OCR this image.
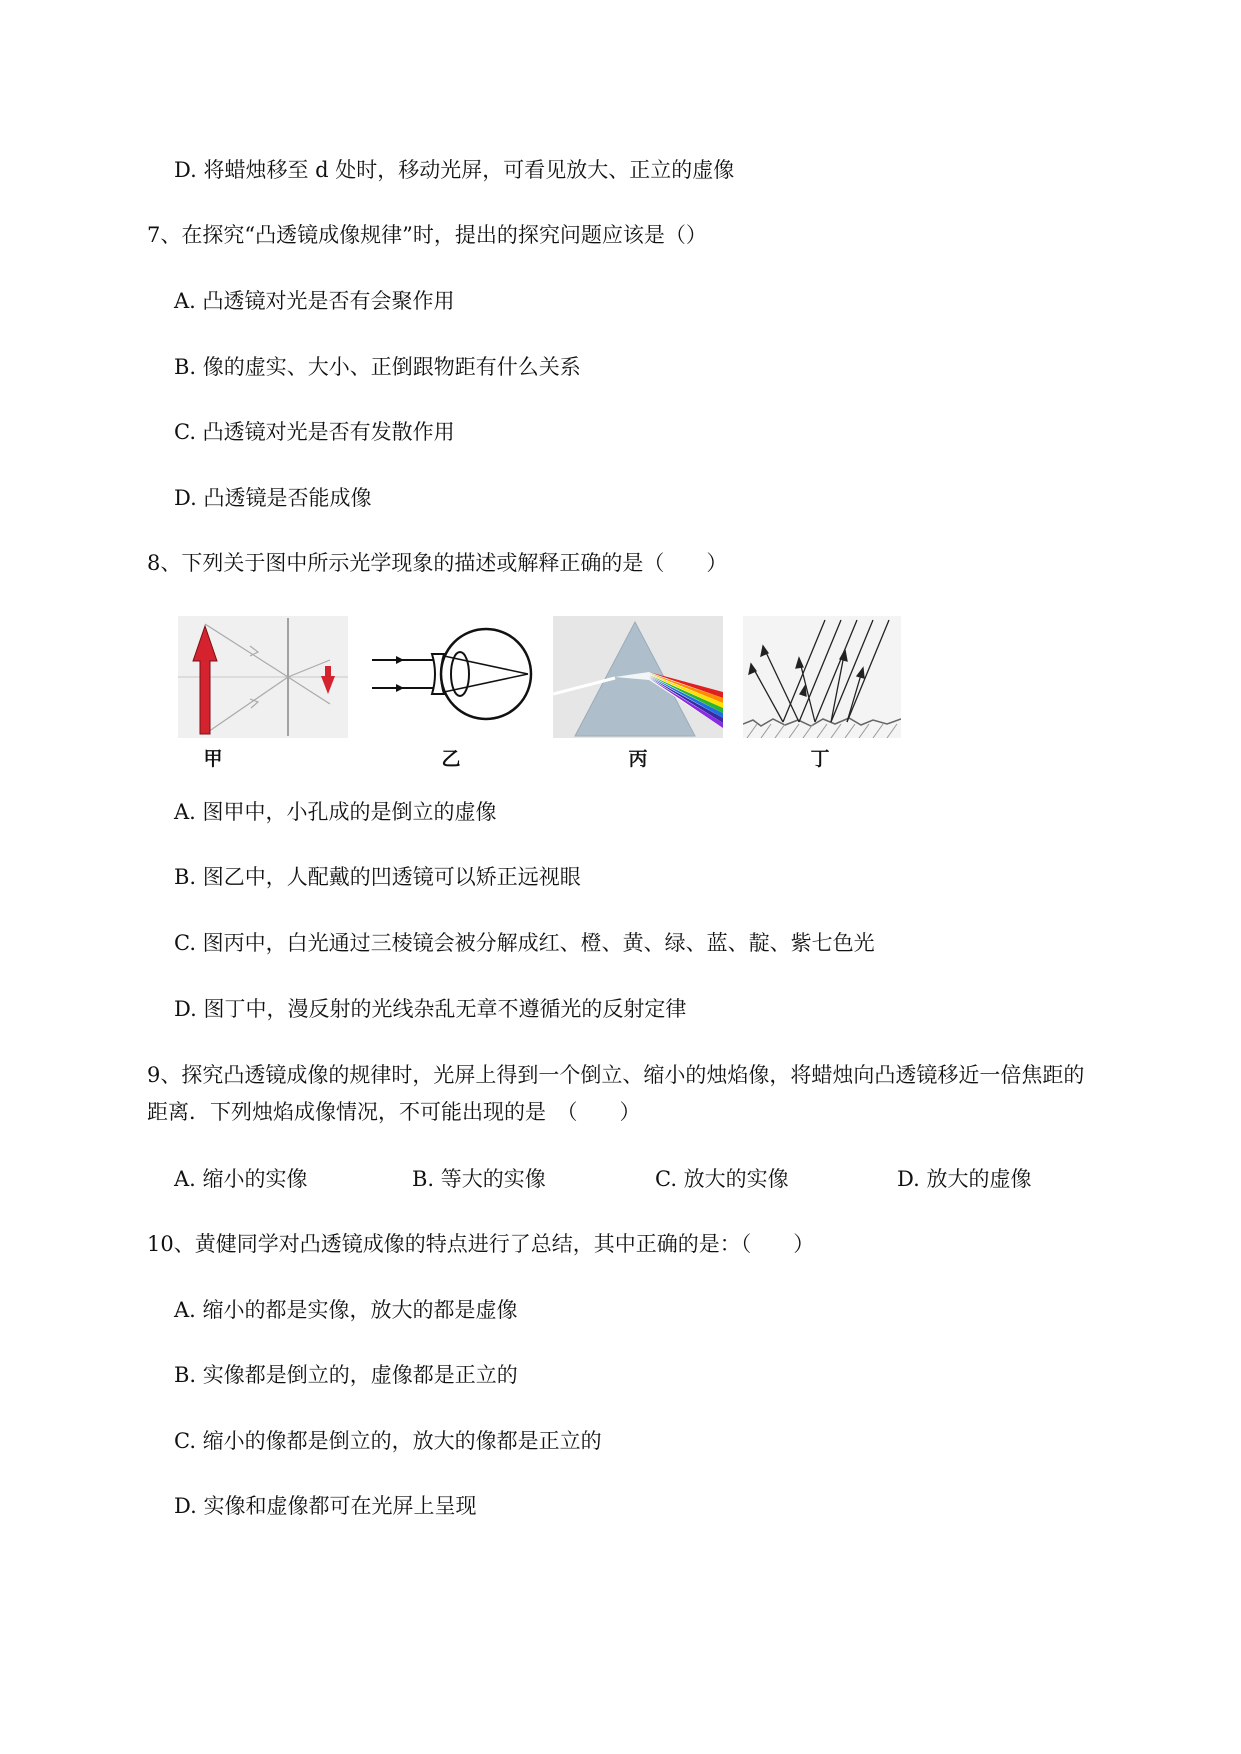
D. 将蜡烛移至 d 处时，移动光屏，可看见放大、正立的虚像
7、在探究“凸透镜成像规律”时，提出的探究问题应该是（）
A. 凸透镜对光是否有会聚作用
B. 像的虚实、大小、正倒跟物距有什么关系
C. 凸透镜对光是否有发散作用
D. 凸透镜是否能成像
8、下列关于图中所示光学现象的描述或解释正确的是（　　）
甲	乙	丙	丁
A. 图甲中，小孔成的是倒立的虚像
B. 图乙中，人配戴的凹透镜可以矫正远视眼
C. 图丙中，白光通过三棱镜会被分解成红、橙、黄、绿、蓝、靛、紫七色光
D. 图丁中，漫反射的光线杂乱无章不遵循光的反射定律
9、探究凸透镜成像的规律时，光屏上得到一个倒立、缩小的烛焰像，将蜡烛向凸透镜移近一倍焦距的
距离．下列烛焰成像情况，不可能出现的是　（　　）
A. 缩小的实像	B. 等大的实像	C. 放大的实像	D. 放大的虚像
10、黄健同学对凸透镜成像的特点进行了总结，其中正确的是：（　　）
A. 缩小的都是实像，放大的都是虚像
B. 实像都是倒立的，虚像都是正立的
C. 缩小的像都是倒立的，放大的像都是正立的
D. 实像和虚像都可在光屏上呈现
